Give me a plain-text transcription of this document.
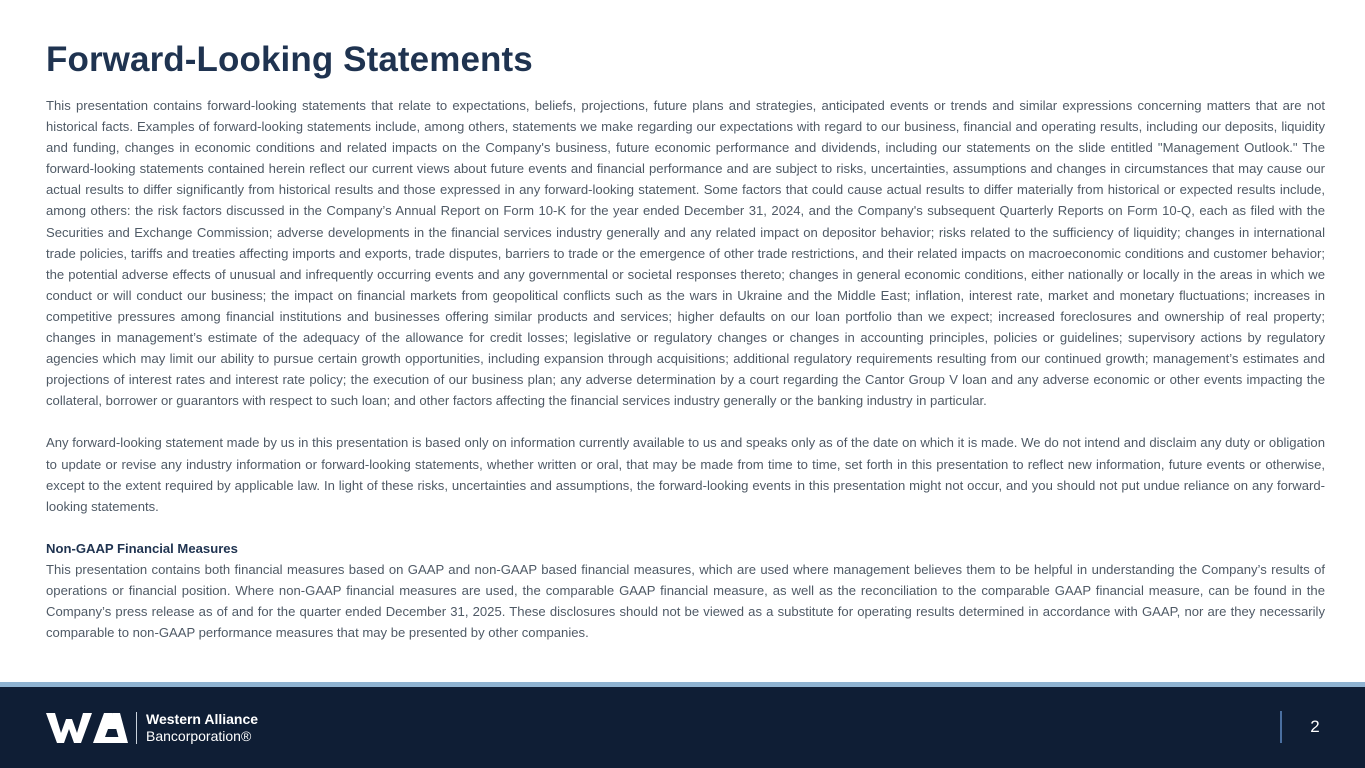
Forward-Looking Statements

This presentation contains forward-looking statements that relate to expectations, beliefs, projections, future plans and strategies, anticipated events or trends and similar expressions concerning matters that are not historical facts. Examples of forward-looking statements include, among others, statements we make regarding our expectations with regard to our business, financial and operating results, including our deposits, liquidity and funding, changes in economic conditions and related impacts on the Company's business, future economic performance and dividends, including our statements on the slide entitled "Management Outlook." The forward-looking statements contained herein reflect our current views about future events and financial performance and are subject to risks, uncertainties, assumptions and changes in circumstances that may cause our actual results to differ significantly from historical results and those expressed in any forward-looking statement. Some factors that could cause actual results to differ materially from historical or expected results include, among others: the risk factors discussed in the Company’s Annual Report on Form 10-K for the year ended December 31, 2024, and the Company's subsequent Quarterly Reports on Form 10-Q, each as filed with the Securities and Exchange Commission; adverse developments in the financial services industry generally and any related impact on depositor behavior; risks related to the sufficiency of liquidity; changes in international trade policies, tariffs and treaties affecting imports and exports, trade disputes, barriers to trade or the emergence of other trade restrictions, and their related impacts on macroeconomic conditions and customer behavior; the potential adverse effects of unusual and infrequently occurring events and any governmental or societal responses thereto; changes in general economic conditions, either nationally or locally in the areas in which we conduct or will conduct our business; the impact on financial markets from geopolitical conflicts such as the wars in Ukraine and the Middle East; inflation, interest rate, market and monetary fluctuations; increases in competitive pressures among financial institutions and businesses offering similar products and services; higher defaults on our loan portfolio than we expect; increased foreclosures and ownership of real property; changes in management’s estimate of the adequacy of the allowance for credit losses; legislative or regulatory changes or changes in accounting principles, policies or guidelines; supervisory actions by regulatory agencies which may limit our ability to pursue certain growth opportunities, including expansion through acquisitions; additional regulatory requirements resulting from our continued growth; management’s estimates and projections of interest rates and interest rate policy; the execution of our business plan; any adverse determination by a court regarding the Cantor Group V loan and any adverse economic or other events impacting the collateral, borrower or guarantors with respect to such loan; and other factors affecting the financial services industry generally or the banking industry in particular.

Any forward-looking statement made by us in this presentation is based only on information currently available to us and speaks only as of the date on which it is made. We do not intend and disclaim any duty or obligation to update or revise any industry information or forward-looking statements, whether written or oral, that may be made from time to time, set forth in this presentation to reflect new information, future events or otherwise, except to the extent required by applicable law. In light of these risks, uncertainties and assumptions, the forward-looking events in this presentation might not occur, and you should not put undue reliance on any forward-looking statements.

Non-GAAP Financial Measures

This presentation contains both financial measures based on GAAP and non-GAAP based financial measures, which are used where management believes them to be helpful in understanding the Company’s results of operations or financial position. Where non-GAAP financial measures are used, the comparable GAAP financial measure, as well as the reconciliation to the comparable GAAP financial measure, can be found in the Company’s press release as of and for the quarter ended December 31, 2025. These disclosures should not be viewed as a substitute for operating results determined in accordance with GAAP, nor are they necessarily comparable to non-GAAP performance measures that may be presented by other companies.

Western Alliance
Bancorporation®	2
